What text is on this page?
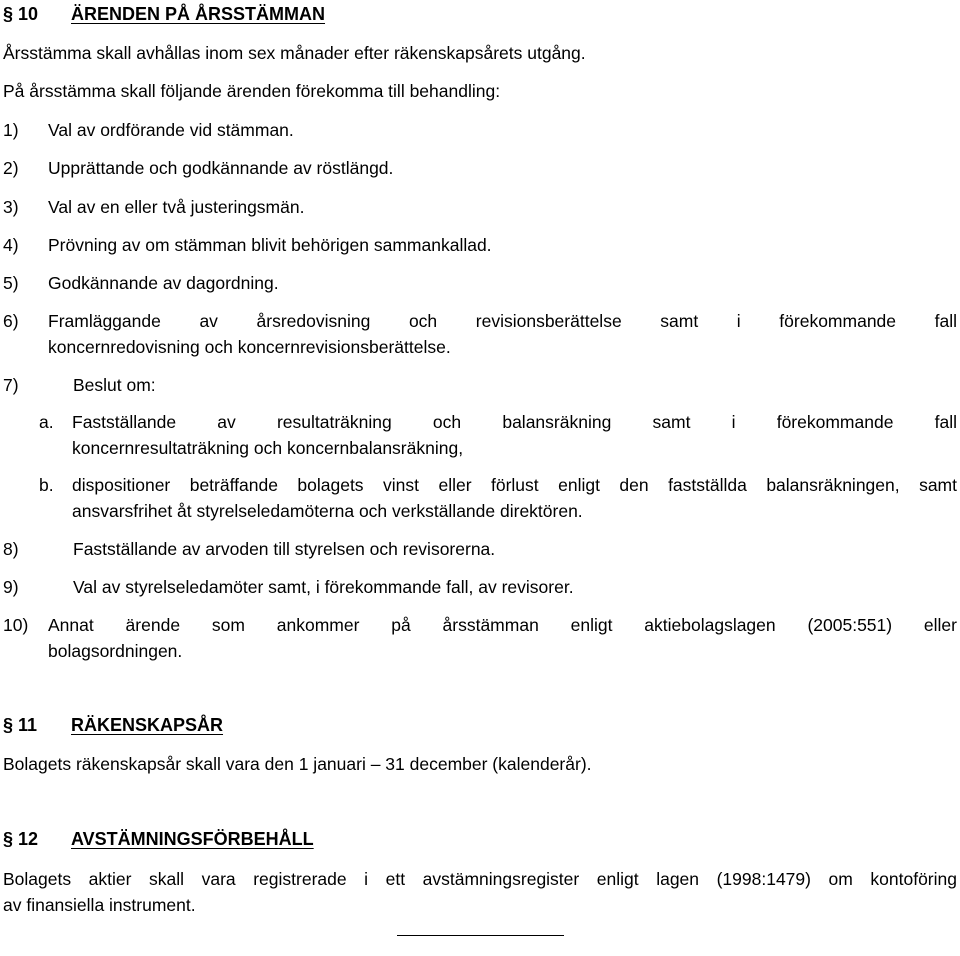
§ 10 ÄRENDEN PÅ ÅRSSTÄMMAN
Årsstämma skall avhållas inom sex månader efter räkenskapsårets utgång.
På årsstämma skall följande ärenden förekomma till behandling:
1) Val av ordförande vid stämman.
2) Upprättande och godkännande av röstlängd.
3) Val av en eller två justeringsmän.
4) Prövning av om stämman blivit behörigen sammankallad.
5) Godkännande av dagordning.
6) Framläggande av årsredovisning och revisionsberättelse samt i förekommande fall
koncernredovisning och koncernrevisionsberättelse.
7)	Beslut om:
a. Fastställande av resultaträkning och balansräkning samt i förekommande fall
koncernresultaträkning och koncernbalansräkning,
b. dispositioner beträffande bolagets vinst eller förlust enligt den fastställda balansräkningen, samt
ansvarsfrihet åt styrelseledamöterna och verkställande direktören.
8)	Fastställande av arvoden till styrelsen och revisorerna.
9)	Val av styrelseledamöter samt, i förekommande fall, av revisorer.
10) Annat ärende som ankommer på årsstämman enligt aktiebolagslagen (2005:551) eller
bolagsordningen.
§ 11 RÄKENSKAPSÅR
Bolagets räkenskapsår skall vara den 1 januari – 31 december (kalenderår).
§ 12 AVSTÄMNINGSFÖRBEHÅLL
Bolagets aktier skall vara registrerade i ett avstämningsregister enligt lagen (1998:1479) om kontoföring
av finansiella instrument.
